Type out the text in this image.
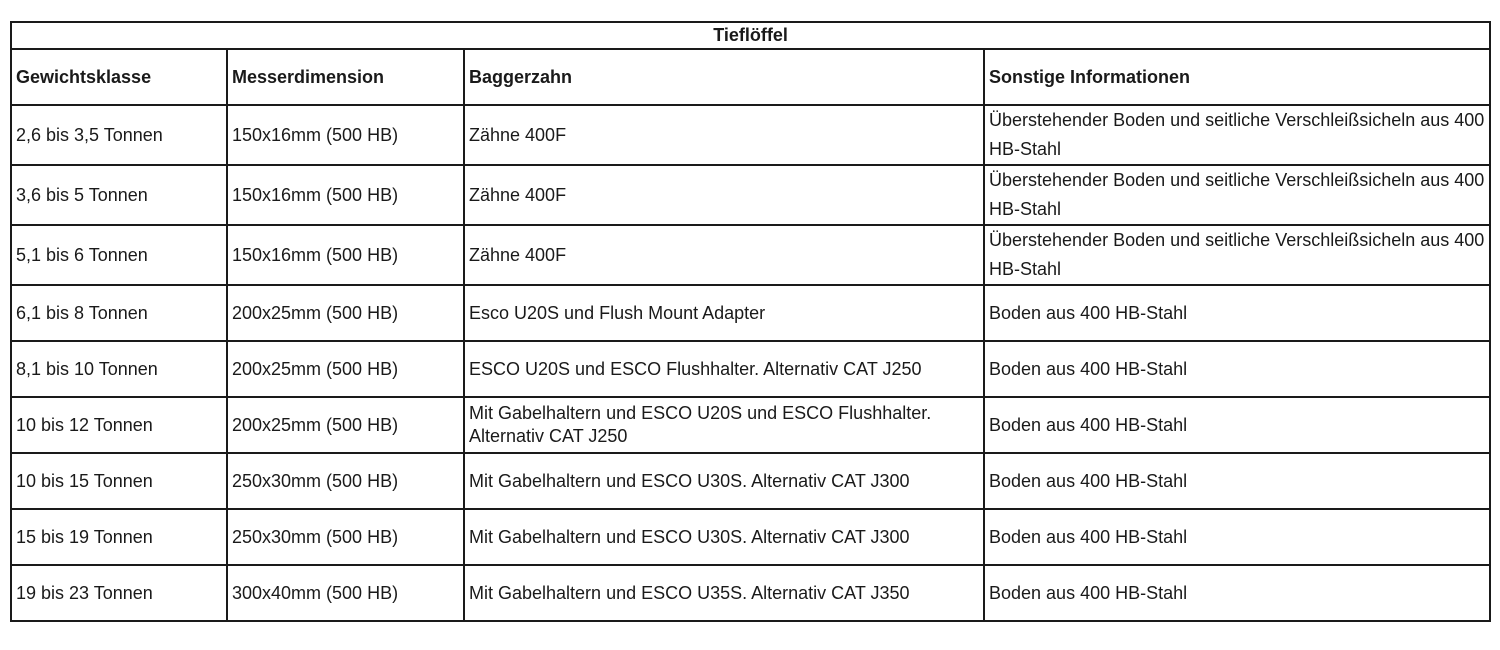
Tieflöffel			
Gewichtsklasse	Messerdimension	Baggerzahn	Sonstige Informationen
2,6 bis 3,5 Tonnen	150x16mm (500 HB)	Zähne 400F	Überstehender Boden und seitliche Verschleißsicheln aus 400 HB-Stahl
3,6 bis 5 Tonnen	150x16mm (500 HB)	Zähne 400F	Überstehender Boden und seitliche Verschleißsicheln aus 400 HB-Stahl
5,1 bis 6 Tonnen	150x16mm (500 HB)	Zähne 400F	Überstehender Boden und seitliche Verschleißsicheln aus 400 HB-Stahl
6,1 bis 8 Tonnen	200x25mm (500 HB)	Esco U20S und Flush Mount Adapter	Boden aus 400 HB-Stahl
8,1 bis 10 Tonnen	200x25mm (500 HB)	ESCO U20S und ESCO Flushhalter. Alternativ CAT J250	Boden aus 400 HB-Stahl
10 bis 12 Tonnen	200x25mm (500 HB)	Mit Gabelhaltern und ESCO U20S und ESCO Flushhalter. Alternativ CAT J250	Boden aus 400 HB-Stahl
10 bis 15 Tonnen	250x30mm (500 HB)	Mit Gabelhaltern und ESCO U30S. Alternativ CAT J300	Boden aus 400 HB-Stahl
15 bis 19 Tonnen	250x30mm (500 HB)	Mit Gabelhaltern und ESCO U30S. Alternativ CAT J300	Boden aus 400 HB-Stahl
19 bis 23 Tonnen	300x40mm (500 HB)	Mit Gabelhaltern und ESCO U35S. Alternativ CAT J350	Boden aus 400 HB-Stahl
